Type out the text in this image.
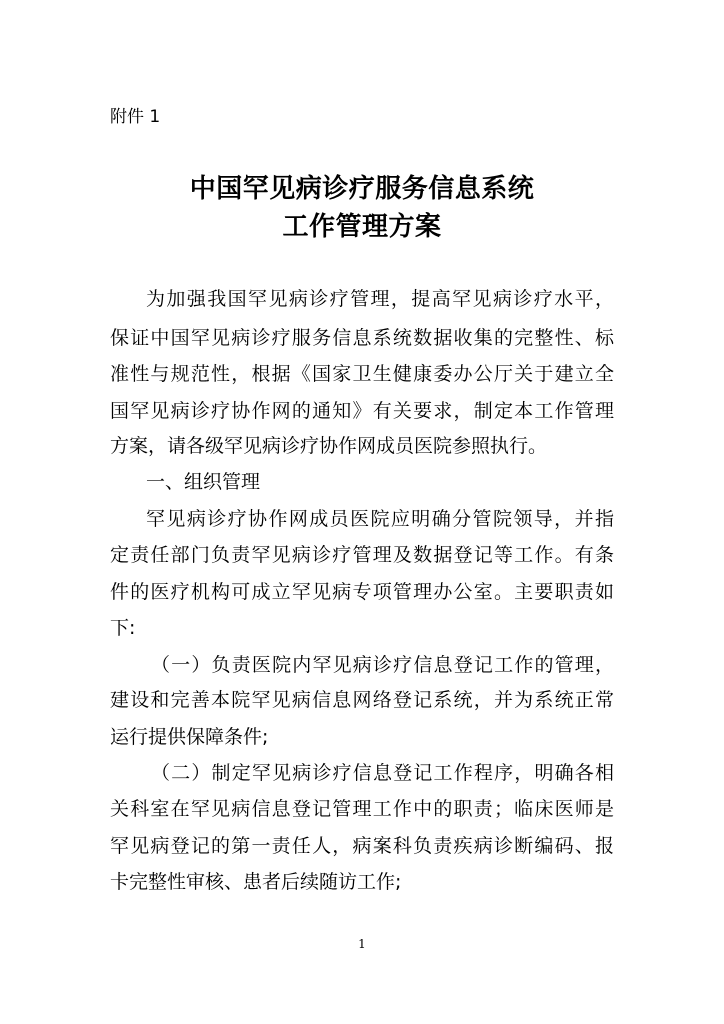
附件 1
中国罕见病诊疗服务信息系统
工作管理方案
为加强我国罕见病诊疗管理，提高罕见病诊疗水平，
保证中国罕见病诊疗服务信息系统数据收集的完整性、标
准性与规范性，根据《国家卫生健康委办公厅关于建立全
国罕见病诊疗协作网的通知》有关要求，制定本工作管理
方案，请各级罕见病诊疗协作网成员医院参照执行。
一、组织管理
罕见病诊疗协作网成员医院应明确分管院领导，并指
定责任部门负责罕见病诊疗管理及数据登记等工作。有条
件的医疗机构可成立罕见病专项管理办公室。主要职责如
下:
（一）负责医院内罕见病诊疗信息登记工作的管理，
建设和完善本院罕见病信息网络登记系统，并为系统正常
运行提供保障条件;
（二）制定罕见病诊疗信息登记工作程序，明确各相
关科室在罕见病信息登记管理工作中的职责；临床医师是
罕见病登记的第一责任人，病案科负责疾病诊断编码、报
卡完整性审核、患者后续随访工作;
1
